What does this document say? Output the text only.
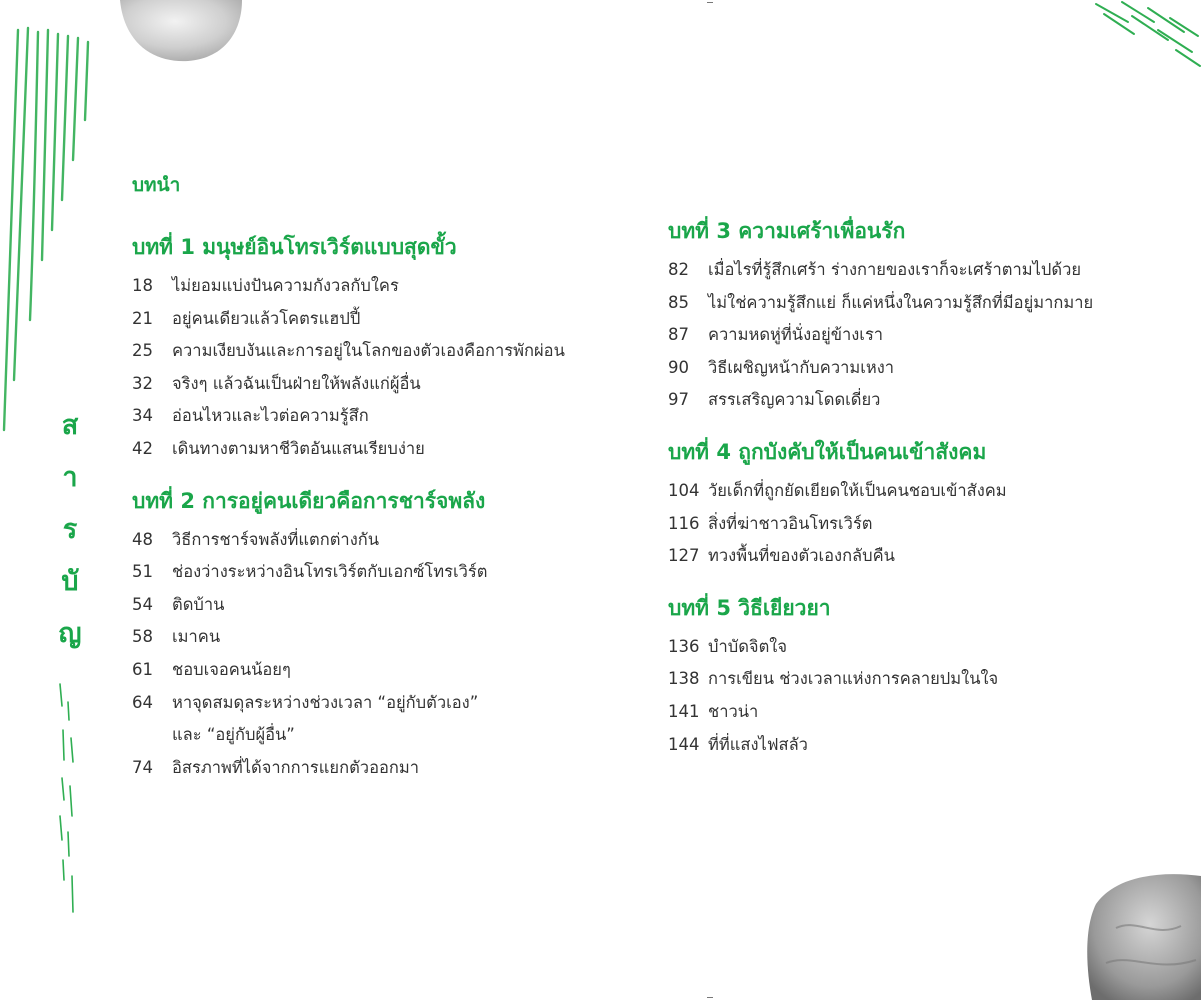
ส
า
ร
บั
ญ
บทนำ
บทที่ 1 มนุษย์อินโทรเวิร์ตแบบสุดขั้ว
18	ไม่ยอมแบ่งปันความกังวลกับใคร
21	อยู่คนเดียวแล้วโคตรแฮปปี้
25	ความเงียบงันและการอยู่ในโลกของตัวเองคือการพักผ่อน
32	จริงๆ แล้วฉันเป็นฝ่ายให้พลังแก่ผู้อื่น
34	อ่อนไหวและไวต่อความรู้สึก
42	เดินทางตามหาชีวิตอันแสนเรียบง่าย
บทที่ 2 การอยู่คนเดียวคือการชาร์จพลัง
48	วิธีการชาร์จพลังที่แตกต่างกัน
51	ช่องว่างระหว่างอินโทรเวิร์ตกับเอกซ์โทรเวิร์ต
54	ติดบ้าน
58	เมาคน
61	ชอบเจอคนน้อยๆ
64	หาจุดสมดุลระหว่างช่วงเวลา “อยู่กับตัวเอง”
และ “อยู่กับผู้อื่น”
74	อิสรภาพที่ได้จากการแยกตัวออกมา
บทที่ 3 ความเศร้าเพื่อนรัก
82	เมื่อไรที่รู้สึกเศร้า ร่างกายของเราก็จะเศร้าตามไปด้วย
85	ไม่ใช่ความรู้สึกแย่ ก็แค่หนึ่งในความรู้สึกที่มีอยู่มากมาย
87	ความหดหู่ที่นั่งอยู่ข้างเรา
90	วิธีเผชิญหน้ากับความเหงา
97	สรรเสริญความโดดเดี่ยว
บทที่ 4 ถูกบังคับให้เป็นคนเข้าสังคม
104 วัยเด็กที่ถูกยัดเยียดให้เป็นคนชอบเข้าสังคม
116 สิ่งที่ฆ่าชาวอินโทรเวิร์ต
127 ทวงพื้นที่ของตัวเองกลับคืน
บทที่ 5 วิธีเยียวยา
136 บำบัดจิตใจ
138 การเขียน ช่วงเวลาแห่งการคลายปมในใจ
141 ชาวน่า
144 ที่ที่แสงไฟสลัว
